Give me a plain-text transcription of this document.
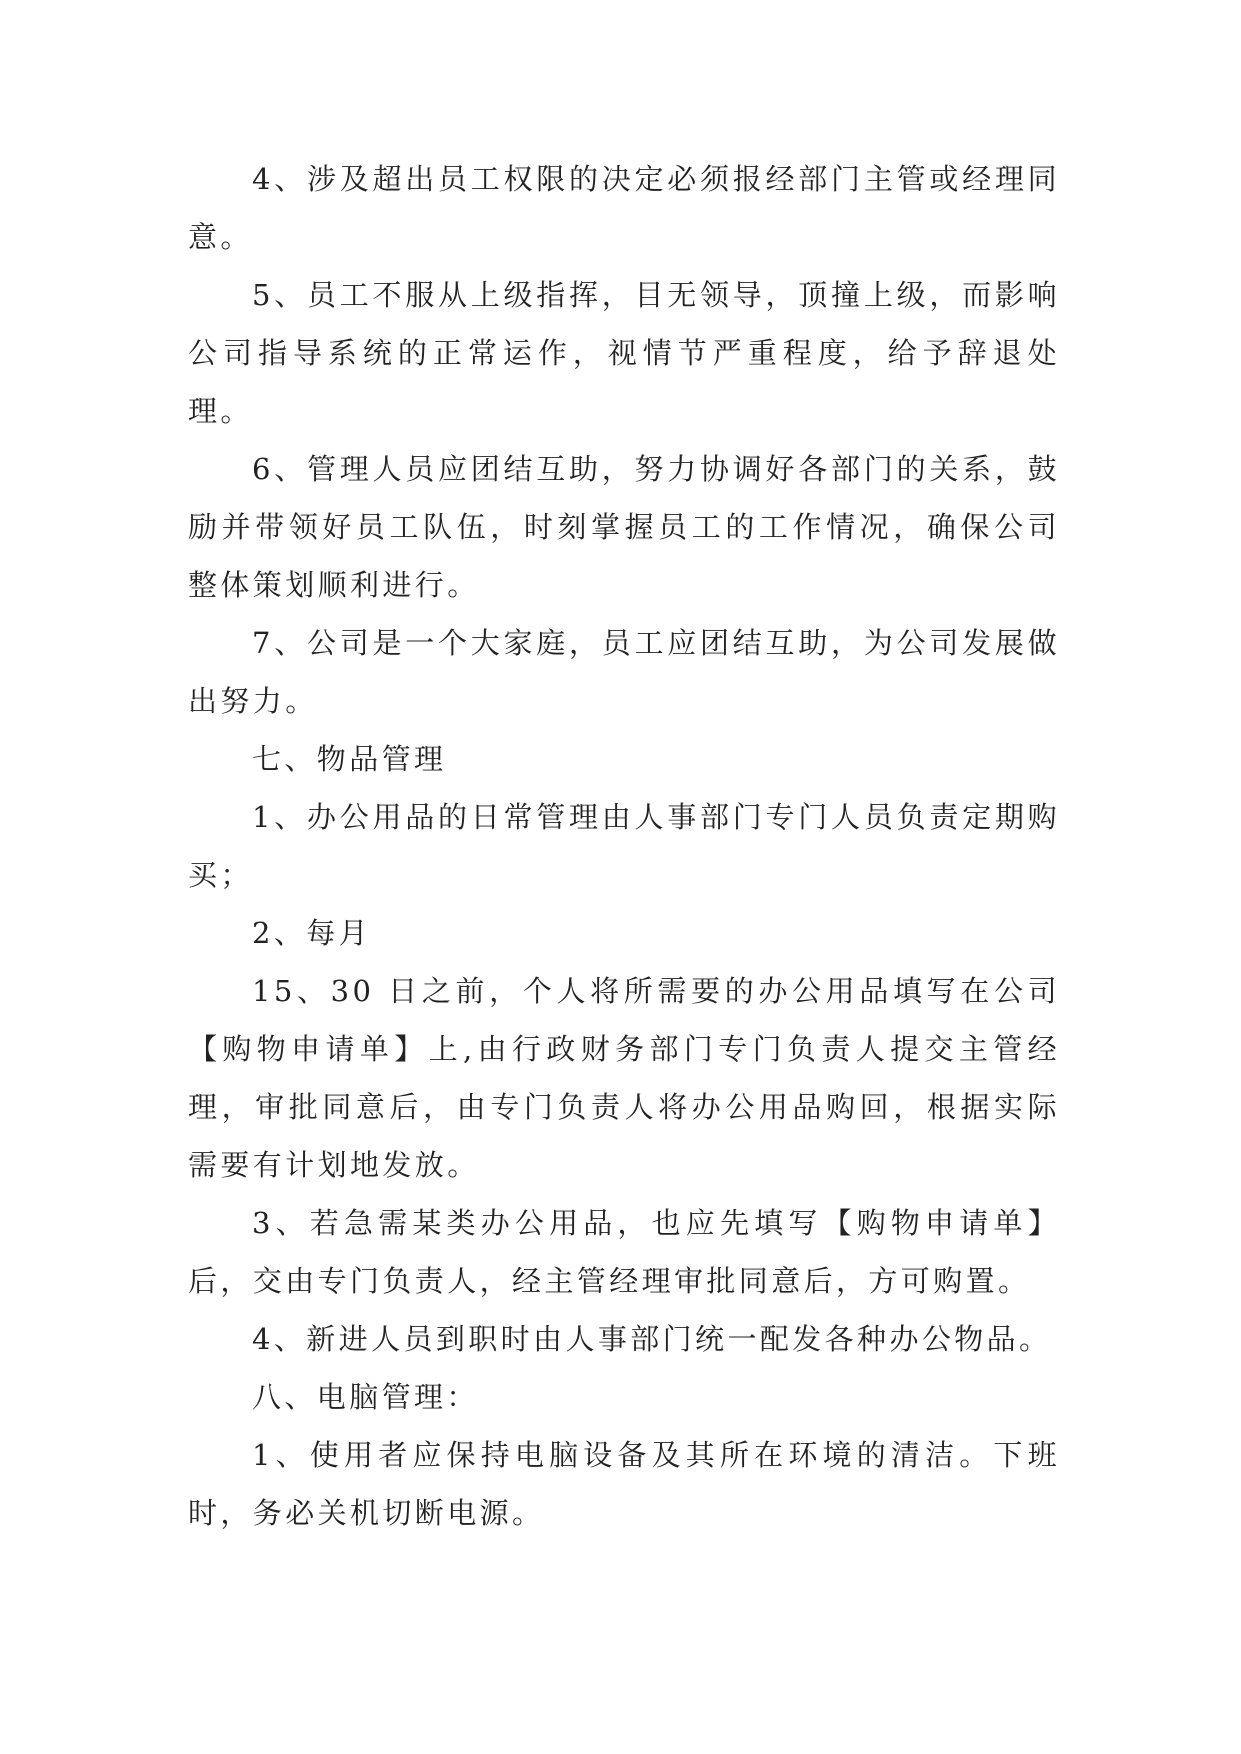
4、涉及超出员工权限的决定必须报经部门主管或经理同意。

5、员工不服从上级指挥，目无领导，顶撞上级，而影响公司指导系统的正常运作，视情节严重程度，给予辞退处理。

6、管理人员应团结互助，努力协调好各部门的关系，鼓励并带领好员工队伍，时刻掌握员工的工作情况，确保公司整体策划顺利进行。

7、公司是一个大家庭，员工应团结互助，为公司发展做出努力。

七、物品管理

1、办公用品的日常管理由人事部门专门人员负责定期购买；

2、每月

15、30 日之前，个人将所需要的办公用品填写在公司【购物申请单】上,由行政财务部门专门负责人提交主管经理，审批同意后，由专门负责人将办公用品购回，根据实际需要有计划地发放。

3、若急需某类办公用品，也应先填写【购物申请单】后，交由专门负责人，经主管经理审批同意后，方可购置。

4、新进人员到职时由人事部门统一配发各种办公物品。

八、电脑管理：

1、使用者应保持电脑设备及其所在环境的清洁。下班时，务必关机切断电源。
